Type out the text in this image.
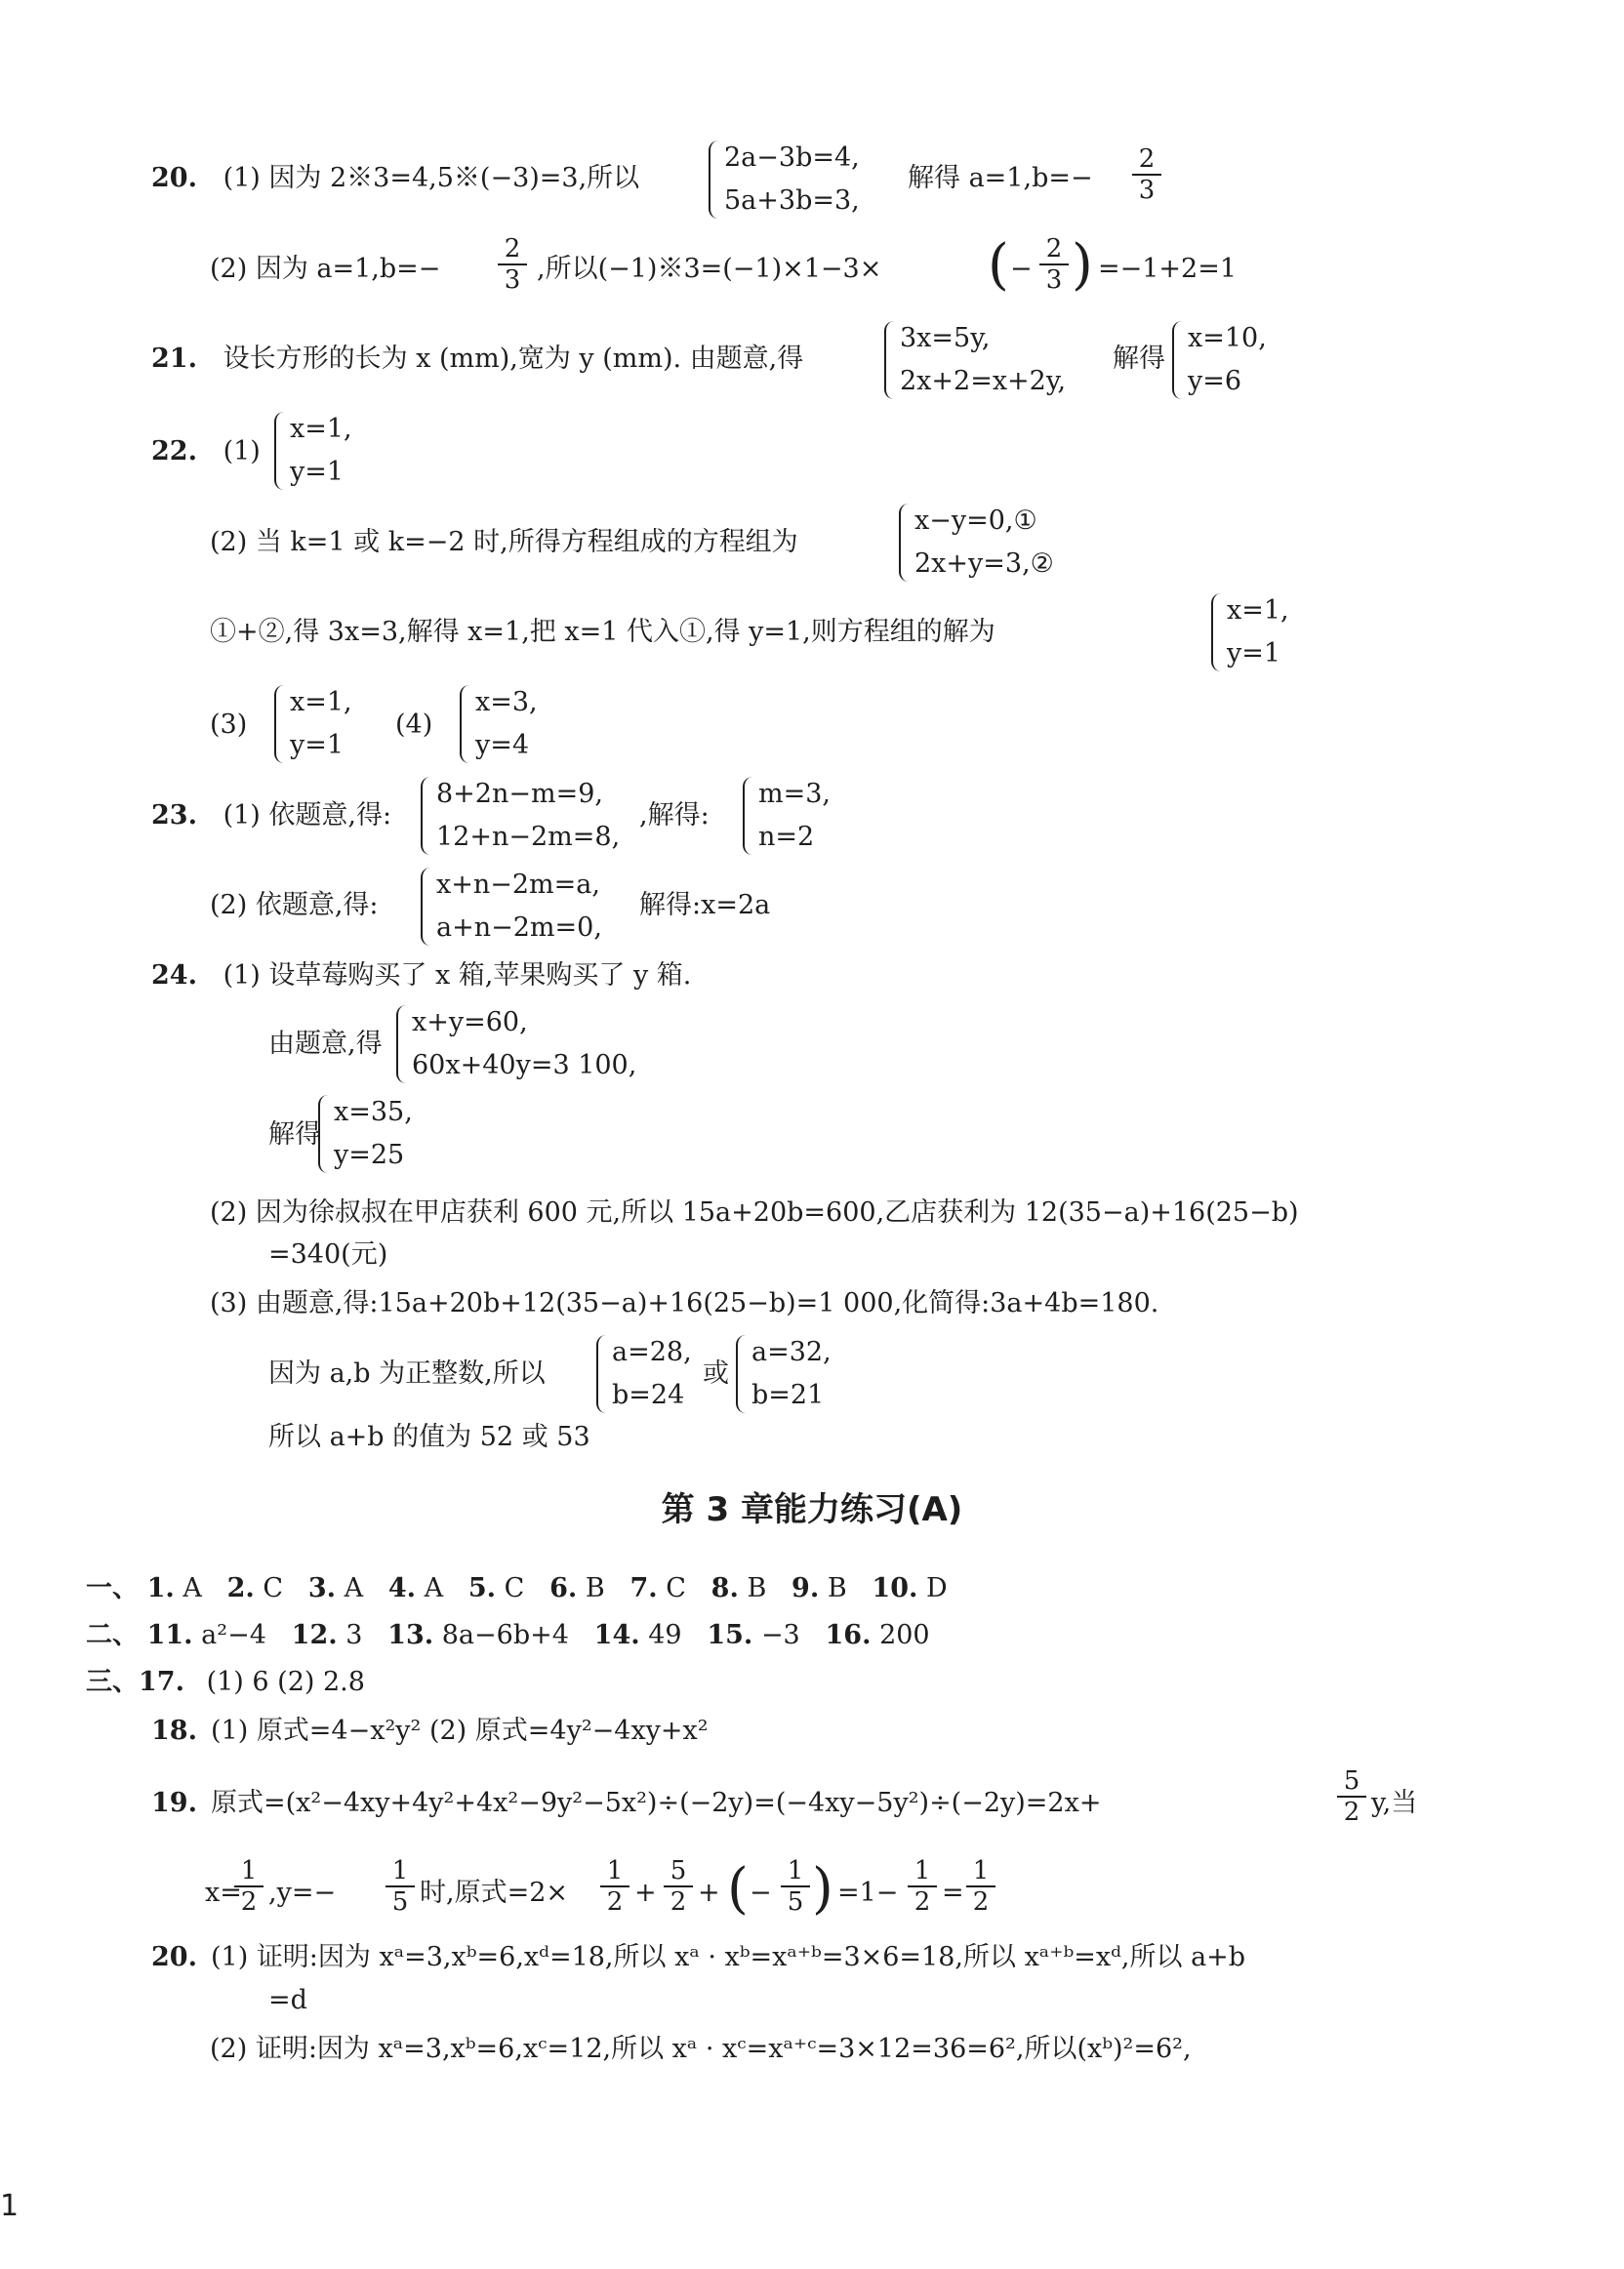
20. (1) 因为 2※3=4,5※(−3)=3,所以
2a−3b=4,
5a+3b=3,
解得 $a=1,b=- \frac{2}{3}$
(2) 因为 $a=1,b=- \frac{2}{3}$ ,所以(−1)※3=(−1)×1−3× ( − $\frac{2}{3}$ ) =−1+2=1
21. 设长方形的长为 x (mm),宽为 y (mm). 由题意,得
3x=5y,
2x+2=x+2y,
解得
x=10,
y=6
22. (1)
x=1,
y=1
(2) 当 k=1 或 k=−2 时,所得方程组成的方程组为
x−y=0,①
2x+y=3,②
①+②,得 3x=3,解得 x=1,把 x=1 代入①,得 y=1,则方程组的解为
x=1,
y=1
(3)
x=1,
y=1
(4)
x=3,
y=4
23. (1) 依题意,得:
8+2n−m=9,
12+n−2m=8,
,解得:
m=3,
n=2
(2) 依题意,得:
x+n−2m=a,
a+n−2m=0,
解得:x=2a
24. (1) 设草莓购买了 x 箱,苹果购买了 y 箱.
由题意,得
x+y=60,
60x+40y=3 100,
解得
x=35,
y=25
(2) 因为徐叔叔在甲店获利 600 元,所以 15a+20b=600,乙店获利为 12(35−a)+16(25−b)
=340(元)
(3) 由题意,得:15a+20b+12(35−a)+16(25−b)=1 000,化简得:3a+4b=180.
因为 a,b 为正整数,所以
a=28,
b=24
或
a=32,
b=21
所以 a+b 的值为 52 或 53
第 3 章能力练习(A)
一、 1. A 2. C 3. A 4. A 5. C 6. B 7. C 8. B 9. B 10. D
二、 11. a²−4 12. 3 13. 8a−6b+4 14. 49 15. −3 16. 200
三、17. (1) 6 (2) 2.8
18. (1) 原式=4−x²y² (2) 原式=4y²−4xy+x²
19. 原式=(x²−4xy+4y²+4x²−9y²−5x²)÷(−2y)=(−4xy−5y²)÷(−2y)=2x+	$\frac{5}{2} y$,当
x=
$\frac{1}{2} ,y=- \frac{1}{5}$ 时,原式$=2\times \frac{1}{2} + \frac{5}{2}$ + ( − $\frac{1}{5}$ ) $=1- \frac{1}{2} = \frac{1}{2}$
20. (1) 证明:因为 xᵃ=3,xᵇ=6,xᵈ=18,所以 xᵃ · xᵇ=xᵃ⁺ᵇ=3×6=18,所以 xᵃ⁺ᵇ=xᵈ,所以 a+b
=d
(2) 证明:因为 xᵃ=3,xᵇ=6,xᶜ=12,所以 xᵃ · xᶜ=xᵃ⁺ᶜ=3×12=36=6²,所以(xᵇ)²=6²,
1
